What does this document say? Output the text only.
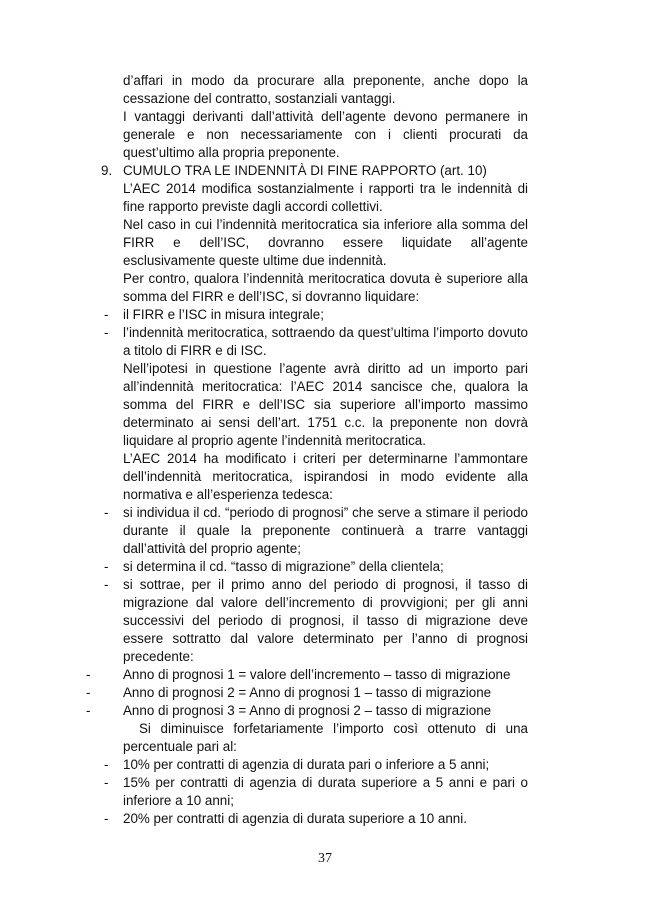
d’affari in modo da procurare alla preponente, anche dopo la cessazione del contratto, sostanziali vantaggi.

I vantaggi derivanti dall’attività dell’agente devono permanere in generale e non necessariamente con i clienti procurati da quest’ultimo alla propria preponente.

9. CUMULO TRA LE INDENNITÀ DI FINE RAPPORTO (art. 10)

L’AEC 2014 modifica sostanzialmente i rapporti tra le indennità di fine rapporto previste dagli accordi collettivi.

Nel caso in cui l’indennità meritocratica sia inferiore alla somma del FIRR e dell’ISC, dovranno essere liquidate all’agente esclusivamente queste ultime due indennità.

Per contro, qualora l’indennità meritocratica dovuta è superiore alla somma del FIRR e dell’ISC, si dovranno liquidare:

- il FIRR e l’ISC in misura integrale;

- l’indennità meritocratica, sottraendo da quest’ultima l’importo dovuto a titolo di FIRR e di ISC.

Nell’ipotesi in questione l’agente avrà diritto ad un importo pari all’indennità meritocratica: l’AEC 2014 sancisce che, qualora la somma del FIRR e dell’ISC sia superiore all’importo massimo determinato ai sensi dell’art. 1751 c.c. la preponente non dovrà liquidare al proprio agente l’indennità meritocratica.

L’AEC 2014 ha modificato i criteri per determinarne l’ammontare dell’indennità meritocratica, ispirandosi in modo evidente alla normativa e all’esperienza tedesca:

- si individua il cd. “periodo di prognosi” che serve a stimare il periodo durante il quale la preponente continuerà a trarre vantaggi dall’attività del proprio agente;

- si determina il cd. “tasso di migrazione” della clientela;

- si sottrae, per il primo anno del periodo di prognosi, il tasso di migrazione dal valore dell’incremento di provvigioni; per gli anni successivi del periodo di prognosi, il tasso di migrazione deve essere sottratto dal valore determinato per l’anno di prognosi precedente:

- Anno di prognosi 1 = valore dell’incremento – tasso di migrazione

- Anno di prognosi 2 = Anno di prognosi 1 – tasso di migrazione

- Anno di prognosi 3 = Anno di prognosi 2 – tasso di migrazione

Si diminuisce forfetariamente l’importo così ottenuto di una percentuale pari al:

- 10% per contratti di agenzia di durata pari o inferiore a 5 anni;

- 15% per contratti di agenzia di durata superiore a 5 anni e pari o inferiore a 10 anni;

- 20% per contratti di agenzia di durata superiore a 10 anni.

37
